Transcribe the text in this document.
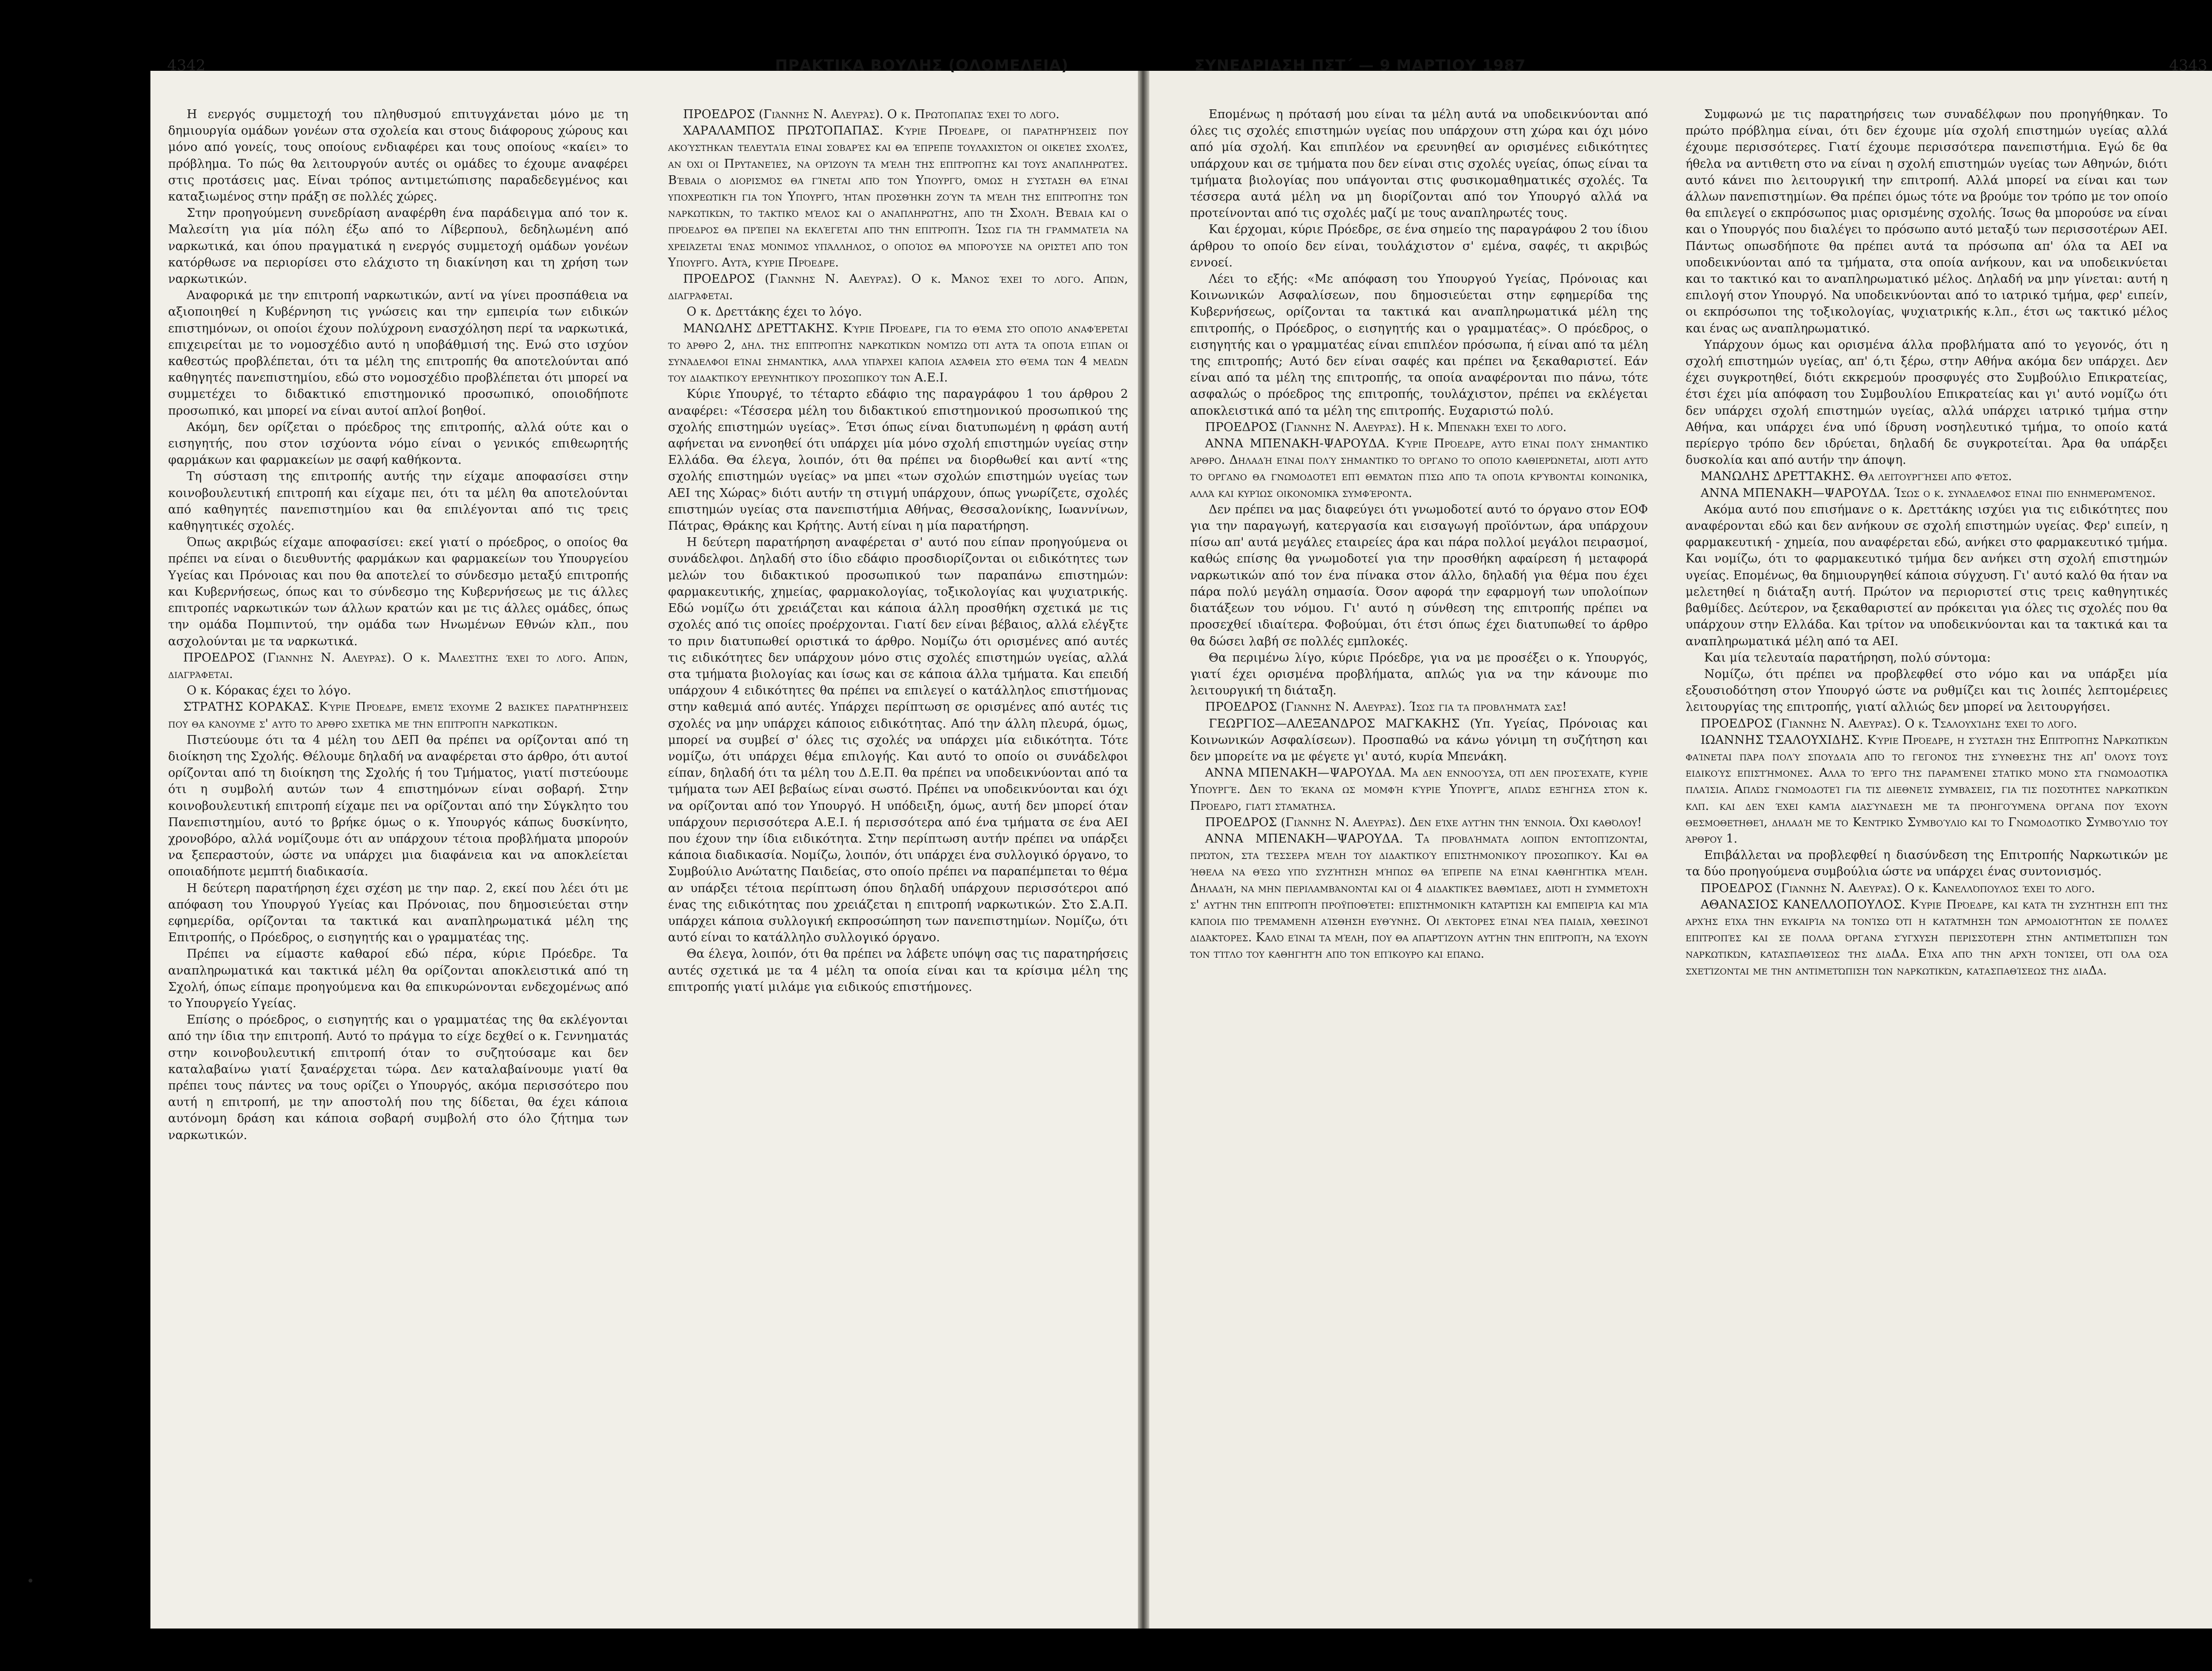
4342	ΠΡΑΚΤΙΚΑ ΒΟΥΛΗΣ (ΟΛΟΜΕΛΕΙΑ)	ΣΥΝΕΔΡΙΑΣΗ ΠΣΤ΄ — 9 ΜΑΡΤΙΟΥ 1987	4343

Η ενεργός συμμετοχή του πληθυσμού επιτυγχάνεται μόνο με τη δημιουργία ομάδων γονέων στα σχολεία και στους διάφορους χώρους και μόνο από γονείς, τους οποίους ενδιαφέρει και τους οποίους «καίει» το πρόβλημα. Το πώς θα λειτουργούν αυτές οι ομάδες το έχουμε αναφέρει στις προτάσεις μας. Είναι τρόπος αντιμετώπισης παραδεδεγμένος και καταξιωμένος στην πράξη σε πολλές χώρες.

Στην προηγούμενη συνεδρίαση αναφέρθη ένα παράδειγμα από τον κ. Μαλεσίτη για μία πόλη έξω από το Λίβερπουλ, δεδηλωμένη από ναρκωτικά, και όπου πραγματικά η ενεργός συμμετοχή ομάδων γονέων κατόρθωσε να περιορίσει στο ελάχιστο τη διακίνηση και τη χρήση των ναρκωτικών.

Αναφορικά με την επιτροπή ναρκωτικών, αντί να γίνει προσπάθεια να αξιοποιηθεί η Κυβέρνηση τις γνώσεις και την εμπειρία των ειδικών επιστημόνων, οι οποίοι έχουν πολύχρονη ενασχόληση περί τα ναρκωτικά, επιχειρείται με το νομοσχέδιο αυτό η υποβάθμισή της. Ενώ στο ισχύον καθεστώς προβλέπεται, ότι τα μέλη της επιτροπής θα αποτελούνται από καθηγητές πανεπιστημίου, εδώ στο νομοσχέδιο προβλέπεται ότι μπορεί να συμμετέχει το διδακτικό επιστημονικό προσωπικό, οποιοδήποτε προσωπικό, και μπορεί να είναι αυτοί απλοί βοηθοί.

Ακόμη, δεν ορίζεται ο πρόεδρος της επιτροπής, αλλά ούτε και ο εισηγητής, που στον ισχύοντα νόμο είναι ο γενικός επιθεωρητής φαρμάκων και φαρμακείων με σαφή καθήκοντα.

Τη σύσταση της επιτροπής αυτής την είχαμε αποφασίσει στην κοινοβουλευτική επιτροπή και είχαμε πει, ότι τα μέλη θα αποτελούνται από καθηγητές πανεπιστημίου και θα επιλέγονται από τις τρεις καθηγητικές σχολές.

Όπως ακριβώς είχαμε αποφασίσει: εκεί γιατί ο πρόεδρος, ο οποίος θα πρέπει να είναι ο διευθυντής φαρμάκων και φαρμακείων του Υπουργείου Υγείας και Πρόνοιας και που θα αποτελεί το σύνδεσμο μεταξύ επιτροπής και Κυβερνήσεως, όπως και το σύνδεσμο της Κυβερνήσεως με τις άλλες επιτροπές ναρκωτικών των άλλων κρατών και με τις άλλες ομάδες, όπως την ομάδα Πομπιντού, την ομάδα των Ηνωμένων Εθνών κλπ., που ασχολούνται με τα ναρκωτικά.

ΠΡΟΕΔΡΟΣ (Γιάννης Ν. Αλευράς). Ο κ. Μαλεσίτης έχει το λόγο. Απών, διαγράφεται.

Ο κ. Κόρακας έχει το λόγο.

ΣΤΡΑΤΗΣ ΚΟΡΑΚΑΣ. Κύριε Πρόεδρε, εμείς έχουμε 2 βασικές παρατηρήσεις που θα κάνουμε σ' αυτό το άρθρο σχετικά με την επιτροπή ναρκωτικών.

Πιστεύουμε ότι τα 4 μέλη του ΔΕΠ θα πρέπει να ορίζονται από τη διοίκηση της Σχολής. Θέλουμε δηλαδή να αναφέρεται στο άρθρο, ότι αυτοί ορίζονται από τη διοίκηση της Σχολής ή του Τμήματος, γιατί πιστεύουμε ότι η συμβολή αυτών των 4 επιστημόνων είναι σοβαρή. Στην κοινοβουλευτική επιτροπή είχαμε πει να ορίζονται από την Σύγκλητο του Πανεπιστημίου, αυτό το βρήκε όμως ο κ. Υπουργός κάπως δυσκίνητο, χρονοβόρο, αλλά νομίζουμε ότι αν υπάρχουν τέτοια προβλήματα μπορούν να ξεπεραστούν, ώστε να υπάρχει μια διαφάνεια και να αποκλείεται οποιαδήποτε μεμπτή διαδικασία.

Η δεύτερη παρατήρηση έχει σχέση με την παρ. 2, εκεί που λέει ότι με απόφαση του Υπουργού Υγείας και Πρόνοιας, που δημοσιεύεται στην εφημερίδα, ορίζονται τα τακτικά και αναπληρωματικά μέλη της Επιτροπής, ο Πρόεδρος, ο εισηγητής και ο γραμματέας της.

Πρέπει να είμαστε καθαροί εδώ πέρα, κύριε Πρόεδρε. Τα αναπληρωματικά και τακτικά μέλη θα ορίζονται αποκλειστικά από τη Σχολή, όπως είπαμε προηγούμενα και θα επικυρώνονται ενδεχομένως από το Υπουργείο Υγείας.

Επίσης ο πρόεδρος, ο εισηγητής και ο γραμματέας της θα εκλέγονται από την ίδια την επιτροπή. Αυτό το πράγμα το είχε δεχθεί ο κ. Γεννηματάς στην κοινοβουλευτική επιτροπή όταν το συζητούσαμε και δεν καταλαβαίνω γιατί ξαναέρχεται τώρα. Δεν καταλαβαίνουμε γιατί θα πρέπει τους πάντες να τους ορίζει ο Υπουργός, ακόμα περισσότερο που αυτή η επιτροπή, με την αποστολή που της δίδεται, θα έχει κάποια αυτόνομη δράση και κάποια σοβαρή συμβολή στο όλο ζήτημα των ναρκωτικών.

ΠΡΟΕΔΡΟΣ (Γιάννης Ν. Αλευράς). Ο κ. Πρωτοπαπάς έχει το λόγο.

ΧΑΡΑΛΑΜΠΟΣ ΠΡΩΤΟΠΑΠΑΣ. Κύριε Πρόεδρε, οι παρατηρήσεις που ακούστηκαν τελευταία είναι σοβαρές και θα έπρεπε τουλάχιστον οι οικείες σχολές, αν όχι οι Πρυτανείες, να ορίζουν τα μέλη της επιτροπής και τους αναπληρωτές. Βέβαια ο διορισμός θα γίνεται από τον Υπουργό, όμως η σύσταση θα είναι υποχρεωτική για τον Υπουργό, ήταν προσθήκη ζούν τα μέλη της επιτροπής των ναρκωτικών, το τακτικό μέλος και ο αναπληρωτής, από τη Σχολή. Βέβαια και ο πρόεδρος θα πρέπει να εκλέγεται από την επιτροπή. Ίσως για τη γραμματεία να χρειάζεται ένας μόνιμος υπάλληλος, ο οποίος θα μπορούσε να οριστεί από τον Υπουργό. Αυτά, κύριε Πρόεδρε.

ΠΡΟΕΔΡΟΣ (Γιάννης Ν. Αλευράς). Ο κ. Μάνος έχει το λόγο. Απών, διαγράφεται.

Ο κ. Δρεττάκης έχει το λόγο.

ΜΑΝΩΛΗΣ ΔΡΕΤΤΑΚΗΣ. Κύριε Πρόεδρε, για το θέμα στο οποίο αναφέρεται το άρθρο 2, δηλ. της επιτροπής ναρκωτικών νομίζω ότι αυτά τα οποία είπαν οι συνάδελφοι είναι σημαντικά, αλλά υπάρχει κάποια ασάφεια στο θέμα των 4 μελών του διδακτικού ερευνητικού προσωπικού των Α.Ε.Ι.

Κύριε Υπουργέ, το τέταρτο εδάφιο της παραγράφου 1 του άρθρου 2 αναφέρει: «Τέσσερα μέλη του διδακτικού επιστημονικού προσωπικού της σχολής επιστημών υγείας». Έτσι όπως είναι διατυπωμένη η φράση αυτή αφήνεται να εννοηθεί ότι υπάρχει μία μόνο σχολή επιστημών υγείας στην Ελλάδα. Θα έλεγα, λοιπόν, ότι θα πρέπει να διορθωθεί και αντί «της σχολής επιστημών υγείας» να μπει «των σχολών επιστημών υγείας των ΑΕΙ της Χώρας» διότι αυτήν τη στιγμή υπάρχουν, όπως γνωρίζετε, σχολές επιστημών υγείας στα πανεπιστήμια Αθήνας, Θεσσαλονίκης, Ιωαννίνων, Πάτρας, Θράκης και Κρήτης. Αυτή είναι η μία παρατήρηση.

Η δεύτερη παρατήρηση αναφέρεται σ' αυτό που είπαν προηγούμενα οι συνάδελφοι. Δηλαδή στο ίδιο εδάφιο προσδιορίζονται οι ειδικότητες των μελών του διδακτικού προσωπικού των παραπάνω επιστημών: φαρμακευτικής, χημείας, φαρμακολογίας, τοξικολογίας και ψυχιατρικής. Εδώ νομίζω ότι χρειάζεται και κάποια άλλη προσθήκη σχετικά με τις σχολές από τις οποίες προέρχονται. Γιατί δεν είναι βέβαιος, αλλά ελέγξτε το πριν διατυπωθεί οριστικά το άρθρο. Νομίζω ότι ορισμένες από αυτές τις ειδικότητες δεν υπάρχουν μόνο στις σχολές επιστημών υγείας, αλλά στα τμήματα βιολογίας και ίσως και σε κάποια άλλα τμήματα. Και επειδή υπάρχουν 4 ειδικότητες θα πρέπει να επιλεγεί ο κατάλληλος επιστήμονας στην καθεμιά από αυτές. Υπάρχει περίπτωση σε ορισμένες από αυτές τις σχολές να μην υπάρχει κάποιος ειδικότητας. Από την άλλη πλευρά, όμως, μπορεί να συμβεί σ' όλες τις σχολές να υπάρχει μία ειδικότητα. Τότε νομίζω, ότι υπάρχει θέμα επιλογής. Και αυτό το οποίο οι συνάδελφοι είπαν, δηλαδή ότι τα μέλη του Δ.Ε.Π. θα πρέπει να υποδεικνύονται από τα τμήματα των ΑΕΙ βεβαίως είναι σωστό. Πρέπει να υποδεικνύονται και όχι να ορίζονται από τον Υπουργό. Η υπόδειξη, όμως, αυτή δεν μπορεί όταν υπάρχουν περισσότερα Α.Ε.Ι. ή περισσότερα από ένα τμήματα σε ένα ΑΕΙ που έχουν την ίδια ειδικότητα. Στην περίπτωση αυτήν πρέπει να υπάρξει κάποια διαδικασία. Νομίζω, λοιπόν, ότι υπάρχει ένα συλλογικό όργανο, το Συμβούλιο Ανώτατης Παιδείας, στο οποίο πρέπει να παραπέμπεται το θέμα αν υπάρξει τέτοια περίπτωση όπου δηλαδή υπάρχουν περισσότεροι από ένας της ειδικότητας που χρειάζεται η επιτροπή ναρκωτικών. Στο Σ.Α.Π. υπάρχει κάποια συλλογική εκπροσώπηση των πανεπιστημίων. Νομίζω, ότι αυτό είναι το κατάλληλο συλλογικό όργανο.

Θα έλεγα, λοιπόν, ότι θα πρέπει να λάβετε υπόψη σας τις παρατηρήσεις αυτές σχετικά με τα 4 μέλη τα οποία είναι και τα κρίσιμα μέλη της επιτροπής γιατί μιλάμε για ειδικούς επιστήμονες.

Επομένως η πρότασή μου είναι τα μέλη αυτά να υποδεικνύονται από όλες τις σχολές επιστημών υγείας που υπάρχουν στη χώρα και όχι μόνο από μία σχολή. Και επιπλέον να ερευνηθεί αν ορισμένες ειδικότητες υπάρχουν και σε τμήματα που δεν είναι στις σχολές υγείας, όπως είναι τα τμήματα βιολογίας που υπάγονται στις φυσικομαθηματικές σχολές. Τα τέσσερα αυτά μέλη να μη διορίζονται από τον Υπουργό αλλά να προτείνονται από τις σχολές μαζί με τους αναπληρωτές τους.

Και έρχομαι, κύριε Πρόεδρε, σε ένα σημείο της παραγράφου 2 του ίδιου άρθρου το οποίο δεν είναι, τουλάχιστον σ' εμένα, σαφές, τι ακριβώς εννοεί.

Λέει το εξής: «Με απόφαση του Υπουργού Υγείας, Πρόνοιας και Κοινωνικών Ασφαλίσεων, που δημοσιεύεται στην εφημερίδα της Κυβερνήσεως, ορίζονται τα τακτικά και αναπληρωματικά μέλη της επιτροπής, ο Πρόεδρος, ο εισηγητής και ο γραμματέας». Ο πρόεδρος, ο εισηγητής και ο γραμματέας είναι επιπλέον πρόσωπα, ή είναι από τα μέλη της επιτροπής; Αυτό δεν είναι σαφές και πρέπει να ξεκαθαριστεί. Εάν είναι από τα μέλη της επιτροπής, τα οποία αναφέρονται πιο πάνω, τότε ασφαλώς ο πρόεδρος της επιτροπής, τουλάχιστον, πρέπει να εκλέγεται αποκλειστικά από τα μέλη της επιτροπής. Ευχαριστώ πολύ.

ΠΡΟΕΔΡΟΣ (Γιάννης Ν. Αλευράς). Η κ. Μπενάκη έχει το λόγο.

ΑΝΝΑ ΜΠΕΝΑΚΗ-ΨΑΡΟΥΔΑ. Κύριε Πρόεδρε, αυτό είναι πολύ σημαντικό άρθρο. Δηλαδή είναι πολύ σημαντικό το όργανο το οποίο καθιερώνεται, διότι αυτό το όργανο θα γνωμοδοτεί επί θεμάτων πίσω από τα οποία κρύβονται κοινωνικά, αλλά και κυρίως οικονομικά συμφέροντα.

Δεν πρέπει να μας διαφεύγει ότι γνωμοδοτεί αυτό το όργανο στον ΕΟΦ για την παραγωγή, κατεργασία και εισαγωγή προϊόντων, άρα υπάρχουν πίσω απ' αυτά μεγάλες εταιρείες άρα και πάρα πολλοί μεγάλοι πειρασμοί, καθώς επίσης θα γνωμοδοτεί για την προσθήκη αφαίρεση ή μεταφορά ναρκωτικών από τον ένα πίνακα στον άλλο, δηλαδή για θέμα που έχει πάρα πολύ μεγάλη σημασία. Όσον αφορά την εφαρμογή των υπολοίπων διατάξεων του νόμου. Γι' αυτό η σύνθεση της επιτροπής πρέπει να προσεχθεί ιδιαίτερα. Φοβούμαι, ότι έτσι όπως έχει διατυπωθεί το άρθρο θα δώσει λαβή σε πολλές εμπλοκές.

Θα περιμένω λίγο, κύριε Πρόεδρε, για να με προσέξει ο κ. Υπουργός, γιατί έχει ορισμένα προβλήματα, απλώς για να την κάνουμε πιο λειτουργική τη διάταξη.

ΠΡΟΕΔΡΟΣ (Γιάννης Ν. Αλευράς). Ίσως για τα προβλήματά σας!

ΓΕΩΡΓΙΟΣ—ΑΛΕΞΑΝΔΡΟΣ ΜΑΓΚΑΚΗΣ (Υπ. Υγείας, Πρόνοιας και Κοινωνικών Ασφαλίσεων). Προσπαθώ να κάνω γόνιμη τη συζήτηση και δεν μπορείτε να με φέγετε γι' αυτό, κυρία Μπενάκη.

ΑΝΝΑ ΜΠΕΝΑΚΗ—ΨΑΡΟΥΔΑ. Μα δεν εννοούσα, ότι δεν προσέχατε, κύριε Υπουργέ. Δεν το έκανα ως μομφή κύριε Υπουργέ, απλώς εξήγησα στον κ. Πρόεδρο, γιατί σταμάτησα.

ΠΡΟΕΔΡΟΣ (Γιάννης Ν. Αλευράς). Δεν είχε αυτήν την έννοια. Όχι καθόλου!

ΑΝΝΑ ΜΠΕΝΑΚΗ—ΨΑΡΟΥΔΑ. Τα προβλήματα λοιπόν εντοπίζονται, πρώτον, στα τέσσερα μέλη του διδακτικού επιστημονικού προσωπικού. Και θα ήθελα να θέσω υπό συζήτηση μήπως θα έπρεπε να είναι καθηγητικά μέλη. Δηλαδή, να μην περιλαμβάνονται και οι 4 διδακτικές βαθμίδες, διότι η συμμετοχή σ' αυτήν την επιτροπή προϋποθέτει: επιστημονική κατάρτιση και εμπειρία και μία κάποια πιο τρεμάμενη αίσθηση ευθύνης. Οι λέκτορες είναι νέα παιδιά, χθεσινοί διδάκτορες. Καλό είναι τα μέλη, που θα απαρτίζουν αυτήν την επιτροπή, να έχουν τον τίτλο του καθηγητή από τον επίκουρο και επάνω.

Συμφωνώ με τις παρατηρήσεις των συναδέλφων που προηγήθηκαν. Το πρώτο πρόβλημα είναι, ότι δεν έχουμε μία σχολή επιστημών υγείας αλλά έχουμε περισσότερες. Γιατί έχουμε περισσότερα πανεπιστήμια. Εγώ δε θα ήθελα να αντιθετη στο να είναι η σχολή επιστημών υγείας των Αθηνών, διότι αυτό κάνει πιο λειτουργική την επιτροπή. Αλλά μπορεί να είναι και των άλλων πανεπιστημίων. Θα πρέπει όμως τότε να βρούμε τον τρόπο με τον οποίο θα επιλεγεί ο εκπρόσωπος μιας ορισμένης σχολής. Ίσως θα μπορούσε να είναι και ο Υπουργός που διαλέγει το πρόσωπο αυτό μεταξύ των περισσοτέρων ΑΕΙ. Πάντως οπωσδήποτε θα πρέπει αυτά τα πρόσωπα απ' όλα τα ΑΕΙ να υποδεικνύονται από τα τμήματα, στα οποία ανήκουν, και να υποδεικνύεται και το τακτικό και το αναπληρωματικό μέλος. Δηλαδή να μην γίνεται: αυτή η επιλογή στον Υπουργό. Να υποδεικνύονται από το ιατρικό τμήμα, φερ' ειπείν, οι εκπρόσωποι της τοξικολογίας, ψυχιατρικής κ.λπ., έτσι ως τακτικό μέλος και ένας ως αναπληρωματικό.

Υπάρχουν όμως και ορισμένα άλλα προβλήματα από το γεγονός, ότι η σχολή επιστημών υγείας, απ' ό,τι ξέρω, στην Αθήνα ακόμα δεν υπάρχει. Δεν έχει συγκροτηθεί, διότι εκκρεμούν προσφυγές στο Συμβούλιο Επικρατείας, έτσι έχει μία απόφαση του Συμβουλίου Επικρατείας και γι' αυτό νομίζω ότι δεν υπάρχει σχολή επιστημών υγείας, αλλά υπάρχει ιατρικό τμήμα στην Αθήνα, και υπάρχει ένα υπό ίδρυση νοσηλευτικό τμήμα, το οποίο κατά περίεργο τρόπο δεν ιδρύεται, δηλαδή δε συγκροτείται. Άρα θα υπάρξει δυσκολία και από αυτήν την άποψη.

ΜΑΝΩΛΗΣ ΔΡΕΤΤΑΚΗΣ. Θα λειτουργήσει από φέτος.

ΑΝΝΑ ΜΠΕΝΑΚΗ—ΨΑΡΟΥΔΑ. Ίσως ο κ. συνάδελφος είναι πιο ενημερωμένος.

Ακόμα αυτό που επισήμανε ο κ. Δρεττάκης ισχύει για τις ειδικότητες που αναφέρονται εδώ και δεν ανήκουν σε σχολή επιστημών υγείας. Φερ' ειπείν, η φαρμακευτική - χημεία, που αναφέρεται εδώ, ανήκει στο φαρμακευτικό τμήμα. Και νομίζω, ότι το φαρμακευτικό τμήμα δεν ανήκει στη σχολή επιστημών υγείας. Επομένως, θα δημιουργηθεί κάποια σύγχυση. Γι' αυτό καλό θα ήταν να μελετηθεί η διάταξη αυτή. Πρώτον να περιοριστεί στις τρεις καθηγητικές βαθμίδες. Δεύτερον, να ξεκαθαριστεί αν πρόκειται για όλες τις σχολές που θα υπάρχουν στην Ελλάδα. Και τρίτον να υποδεικνύονται και τα τακτικά και τα αναπληρωματικά μέλη από τα ΑΕΙ.

Και μία τελευταία παρατήρηση, πολύ σύντομα:

Νομίζω, ότι πρέπει να προβλεφθεί στο νόμο και να υπάρξει μία εξουσιοδότηση στον Υπουργό ώστε να ρυθμίζει και τις λοιπές λεπτομέρειες λειτουργίας της επιτροπής, γιατί αλλιώς δεν μπορεί να λειτουργήσει.

ΠΡΟΕΔΡΟΣ (Γιάννης Ν. Αλευράς). Ο κ. Τσαλουχίδης έχει το λόγο.

ΙΩΑΝΝΗΣ ΤΣΑΛΟΥΧΙΔΗΣ. Κύριε Πρόεδρε, η σύσταση της Επιτροπής Ναρκωτικών φαίνεται πάρα πολύ σπουδαία από το γεγονός της σύνθεσής της απ' όλους τους ειδικούς επιστήμονες. Αλλά το έργο της παραμένει στατικό μόνο στα γνωμοδοτικά πλαίσια. Απλώς γνωμοδοτεί για τις διεθνείς συμβάσεις, για τις ποσότητες ναρκωτικών κλπ. και δεν έχει καμία διασύνδεση με τα προηγούμενα όργανα που έχουν θεσμοθετηθεί, δηλαδή με το Κεντρικό Συμβούλιο και το Γνωμοδοτικό Συμβούλιο του άρθρου 1.

Επιβάλλεται να προβλεφθεί η διασύνδεση της Επιτροπής Ναρκωτικών με τα δύο προηγούμενα συμβούλια ώστε να υπάρχει ένας συντονισμός.

ΠΡΟΕΔΡΟΣ (Γιάννης Ν. Αλευράς). Ο κ. Κανελλόπουλος έχει το λόγο.

ΑΘΑΝΑΣΙΟΣ ΚΑΝΕΛΛΟΠΟΥΛΟΣ. Κύριε Πρόεδρε, και κατά τη συζήτηση επί της αρχής είχα την ευκαιρία να τονίσω ότι η κατάτμηση των αρμοδιοτήτων σε πολλές επιτροπές και σε πολλά όργανα σύγχυση περισσότερη στην αντιμετώπιση των ναρκωτικών, κατασπαθίσεως της διαΔα. Είχα από την αρχή τονίσει, ότι όλα όσα σχετίζονται με την αντιμετώπιση των ναρκωτικών, κατασπαθίσεως της διαΔα.

•
